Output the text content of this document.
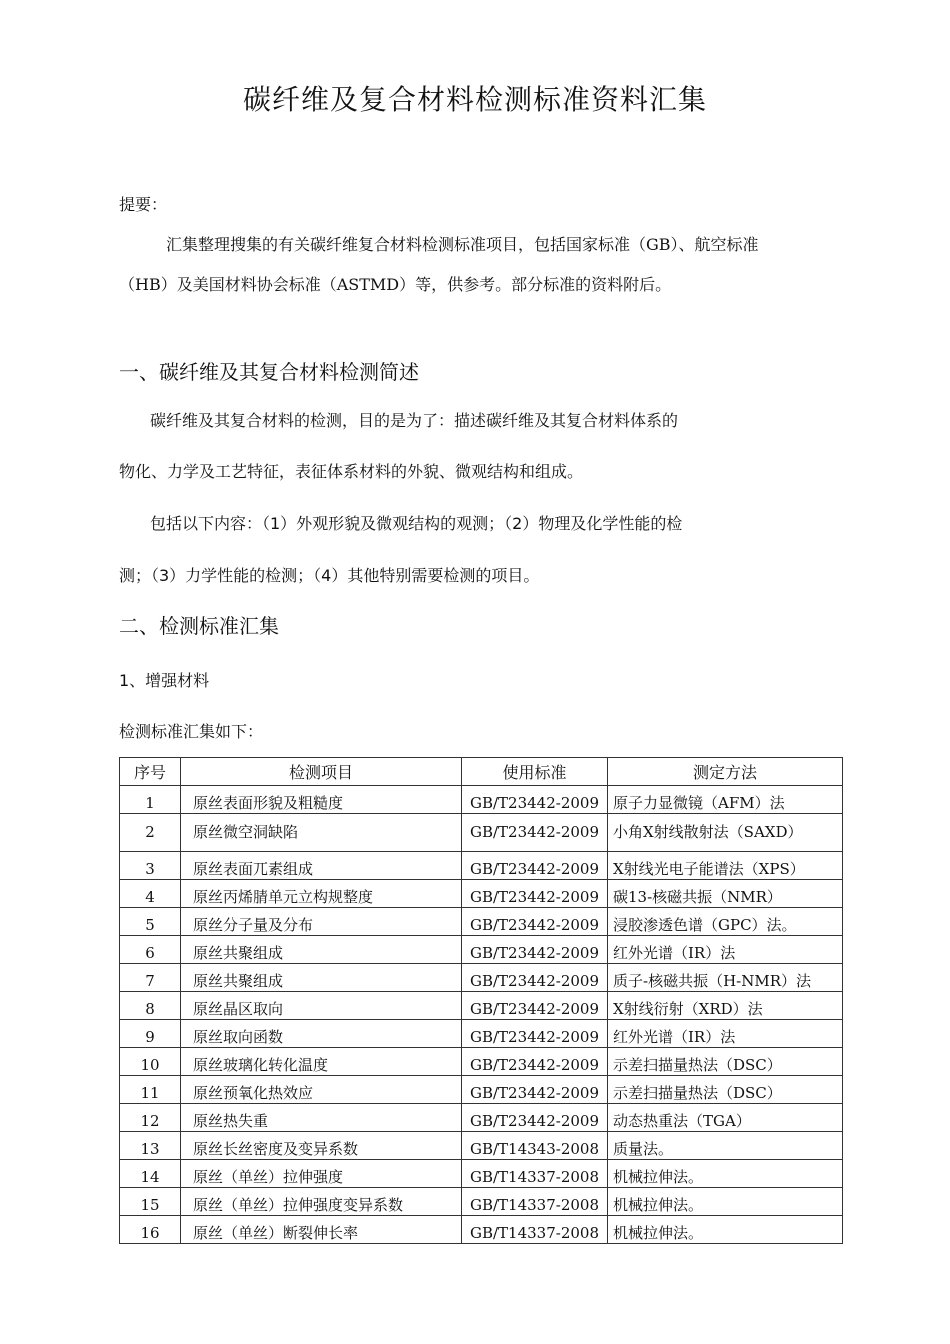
碳纤维及复合材料检测标准资料汇集
提要：
汇集整理搜集的有关碳纤维复合材料检测标准项目，包括国家标准（GB）、航空标准
（HB）及美国材料协会标准（ASTMD）等，供参考。部分标准的资料附后。
一、碳纤维及其复合材料检测简述
碳纤维及其复合材料的检测，目的是为了：描述碳纤维及其复合材料体系的
物化、力学及工艺特征，表征体系材料的外貌、微观结构和组成。
包括以下内容：（1）外观形貌及微观结构的观测；（2）物理及化学性能的检
测；（3）力学性能的检测；（4）其他特别需要检测的项目。
二、检测标准汇集
1、增强材料
检测标准汇集如下：
序号	检测项目	使用标准	测定方法
1	原丝表面形貌及粗糙度	GB/T23442-2009	原子力显微镜（AFM）法
2	原丝微空洞缺陷	GB/T23442-2009	小角X射线散射法（SAXD）
3	原丝表面兀素组成	GB/T23442-2009	X射线光电子能谱法（XPS）
4	原丝丙烯腈单元立构规整度	GB/T23442-2009	碳13-核磁共振（NMR）
5	原丝分子量及分布	GB/T23442-2009	浸胶渗透色谱（GPC）法。
6	原丝共聚组成	GB/T23442-2009	红外光谱（IR）法
7	原丝共聚组成	GB/T23442-2009	质子-核磁共振（H-NMR）法
8	原丝晶区取向	GB/T23442-2009	X射线衍射（XRD）法
9	原丝取向函数	GB/T23442-2009	红外光谱（IR）法
10	原丝玻璃化转化温度	GB/T23442-2009	示差扫描量热法（DSC）
11	原丝预氧化热效应	GB/T23442-2009	示差扫描量热法（DSC）
12	原丝热失重	GB/T23442-2009	动态热重法（TGA）
13	原丝长丝密度及变异系数	GB/T14343-2008	质量法。
14	原丝（单丝）拉伸强度	GB/T14337-2008	机械拉伸法。
15	原丝（单丝）拉伸强度变异系数	GB/T14337-2008	机械拉伸法。
16	原丝（单丝）断裂伸长率	GB/T14337-2008	机械拉伸法。
